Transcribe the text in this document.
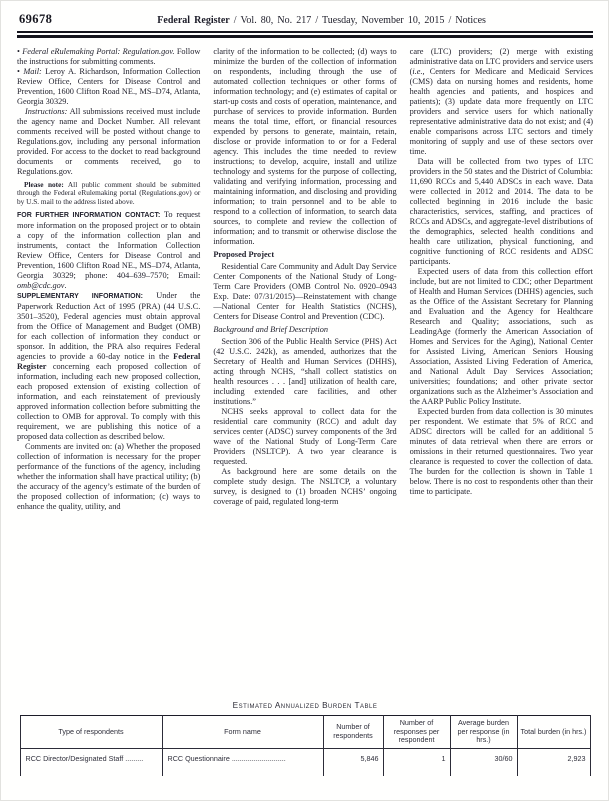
69678	Federal Register / Vol. 80, No. 217 / Tuesday, November 10, 2015 / Notices

• Federal eRulemaking Portal: Regulation.gov. Follow the instructions for submitting comments.

• Mail: Leroy A. Richardson, Information Collection Review Office, Centers for Disease Control and Prevention, 1600 Clifton Road NE., MS–D74, Atlanta, Georgia 30329.

Instructions: All submissions received must include the agency name and Docket Number. All relevant comments received will be posted without change to Regulations.gov, including any personal information provided. For access to the docket to read background documents or comments received, go to Regulations.gov.

Please note: All public comment should be submitted through the Federal eRulemaking portal (Regulations.gov) or by U.S. mail to the address listed above.

FOR FURTHER INFORMATION CONTACT: To request more information on the proposed project or to obtain a copy of the information collection plan and instruments, contact the Information Collection Review Office, Centers for Disease Control and Prevention, 1600 Clifton Road NE., MS–D74, Atlanta, Georgia 30329; phone: 404–639–7570; Email: omb@cdc.gov.

SUPPLEMENTARY INFORMATION: Under the Paperwork Reduction Act of 1995 (PRA) (44 U.S.C. 3501–3520), Federal agencies must obtain approval from the Office of Management and Budget (OMB) for each collection of information they conduct or sponsor. In addition, the PRA also requires Federal agencies to provide a 60-day notice in the Federal Register concerning each proposed collection of information, including each new proposed collection, each proposed extension of existing collection of information, and each reinstatement of previously approved information collection before submitting the collection to OMB for approval. To comply with this requirement, we are publishing this notice of a proposed data collection as described below.

Comments are invited on: (a) Whether the proposed collection of information is necessary for the proper performance of the functions of the agency, including whether the information shall have practical utility; (b) the accuracy of the agency’s estimate of the burden of the proposed collection of information; (c) ways to enhance the quality, utility, and

clarity of the information to be collected; (d) ways to minimize the burden of the collection of information on respondents, including through the use of automated collection techniques or other forms of information technology; and (e) estimates of capital or start-up costs and costs of operation, maintenance, and purchase of services to provide information. Burden means the total time, effort, or financial resources expended by persons to generate, maintain, retain, disclose or provide information to or for a Federal agency. This includes the time needed to review instructions; to develop, acquire, install and utilize technology and systems for the purpose of collecting, validating and verifying information, processing and maintaining information, and disclosing and providing information; to train personnel and to be able to respond to a collection of information, to search data sources, to complete and review the collection of information; and to transmit or otherwise disclose the information.

Proposed Project

Residential Care Community and Adult Day Service Center Components of the National Study of Long-Term Care Providers (OMB Control No. 0920–0943 Exp. Date: 07/31/2015)—Reinstatement with change—National Center for Health Statistics (NCHS), Centers for Disease Control and Prevention (CDC).

Background and Brief Description

Section 306 of the Public Health Service (PHS) Act (42 U.S.C. 242k), as amended, authorizes that the Secretary of Health and Human Services (DHHS), acting through NCHS, “shall collect statistics on health resources . . . [and] utilization of health care, including extended care facilities, and other institutions.”

NCHS seeks approval to collect data for the residential care community (RCC) and adult day services center (ADSC) survey components of the 3rd wave of the National Study of Long-Term Care Providers (NSLTCP). A two year clearance is requested.

As background here are some details on the complete study design. The NSLTCP, a voluntary survey, is designed to (1) broaden NCHS’ ongoing coverage of paid, regulated long-term

care (LTC) providers; (2) merge with existing administrative data on LTC providers and service users (i.e., Centers for Medicare and Medicaid Services (CMS) data on nursing homes and residents, home health agencies and patients, and hospices and patients); (3) update data more frequently on LTC providers and service users for which nationally representative administrative data do not exist; and (4) enable comparisons across LTC sectors and timely monitoring of supply and use of these sectors over time.

Data will be collected from two types of LTC providers in the 50 states and the District of Columbia: 11,690 RCCs and 5,440 ADSCs in each wave. Data were collected in 2012 and 2014. The data to be collected beginning in 2016 include the basic characteristics, services, staffing, and practices of RCCs and ADSCs, and aggregate-level distributions of the demographics, selected health conditions and health care utilization, physical functioning, and cognitive functioning of RCC residents and ADSC participants.

Expected users of data from this collection effort include, but are not limited to CDC; other Department of Health and Human Services (DHHS) agencies, such as the Office of the Assistant Secretary for Planning and Evaluation and the Agency for Healthcare Research and Quality; associations, such as LeadingAge (formerly the American Association of Homes and Services for the Aging), National Center for Assisted Living, American Seniors Housing Association, Assisted Living Federation of America, and National Adult Day Services Association; universities; foundations; and other private sector organizations such as the Alzheimer’s Association and the AARP Public Policy Institute.

Expected burden from data collection is 30 minutes per respondent. We estimate that 5% of RCC and ADSC directors will be called for an additional 5 minutes of data retrieval when there are errors or omissions in their returned questionnaires. Two year clearance is requested to cover the collection of data. The burden for the collection is shown in Table 1 below. There is no cost to respondents other than their time to participate.

Estimated Annualized Burden Table
Type of respondents	Form name	Number of respondents	Number of responses per respondent	Average burden per response (in hrs.)	Total burden (in hrs.)
RCC Director/Designated Staff .........	RCC Questionnaire ...........................	5,846	1	30/60	2,923
